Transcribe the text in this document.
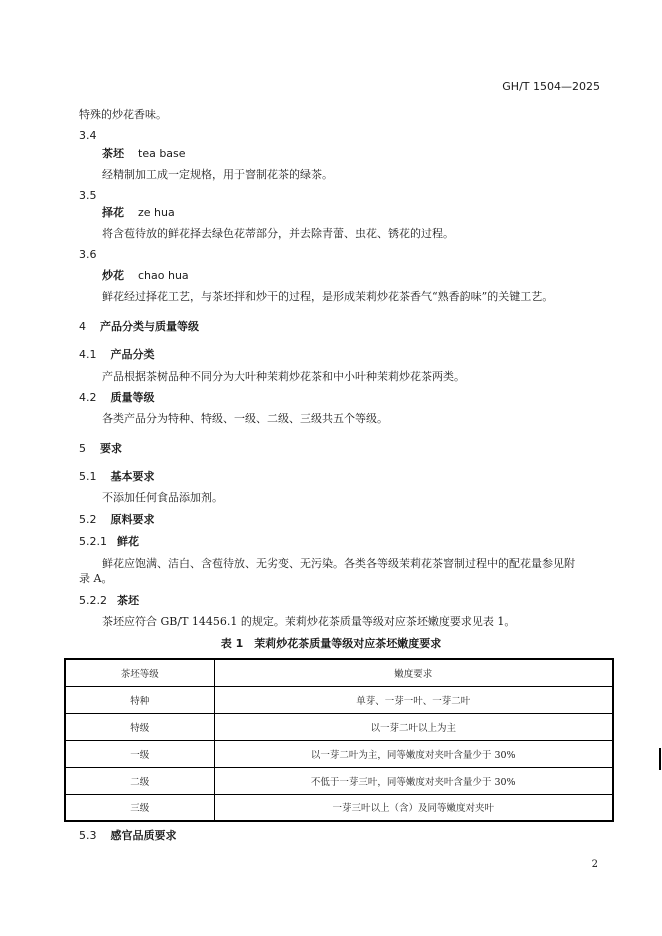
GH/T 1504—2025
特殊的炒花香味。
3.4
茶坯 tea base
经精制加工成一定规格，用于窨制花茶的绿茶。
3.5
择花 ze hua
将含苞待放的鲜花择去绿色花蒂部分，并去除青蕾、虫花、锈花的过程。
3.6
炒花 chao hua
鲜花经过择花工艺，与茶坯拌和炒干的过程，是形成茉莉炒花茶香气“熟香韵味”的关键工艺。
4 产品分类与质量等级
4.1 产品分类
产品根据茶树品种不同分为大叶种茉莉炒花茶和中小叶种茉莉炒花茶两类。
4.2 质量等级
各类产品分为特种、特级、一级、二级、三级共五个等级。
5 要求
5.1 基本要求
不添加任何食品添加剂。
5.2 原料要求
5.2.1 鲜花
鲜花应饱满、洁白、含苞待放、无劣变、无污染。各类各等级茉莉花茶窨制过程中的配花量参见附
录 A。
5.2.2 茶坯
茶坯应符合 GB/T 14456.1 的规定。茉莉炒花茶质量等级对应茶坯嫩度要求见表 1。
表 1　茉莉炒花茶质量等级对应茶坯嫩度要求
茶坯等级	嫩度要求
特种	单芽、一芽一叶、一芽二叶
特级	以一芽二叶以上为主
一级	以一芽二叶为主，同等嫩度对夹叶含量少于 30%
二级	不低于一芽三叶，同等嫩度对夹叶含量少于 30%
三级	一芽三叶以上（含）及同等嫩度对夹叶
5.3 感官品质要求
2
